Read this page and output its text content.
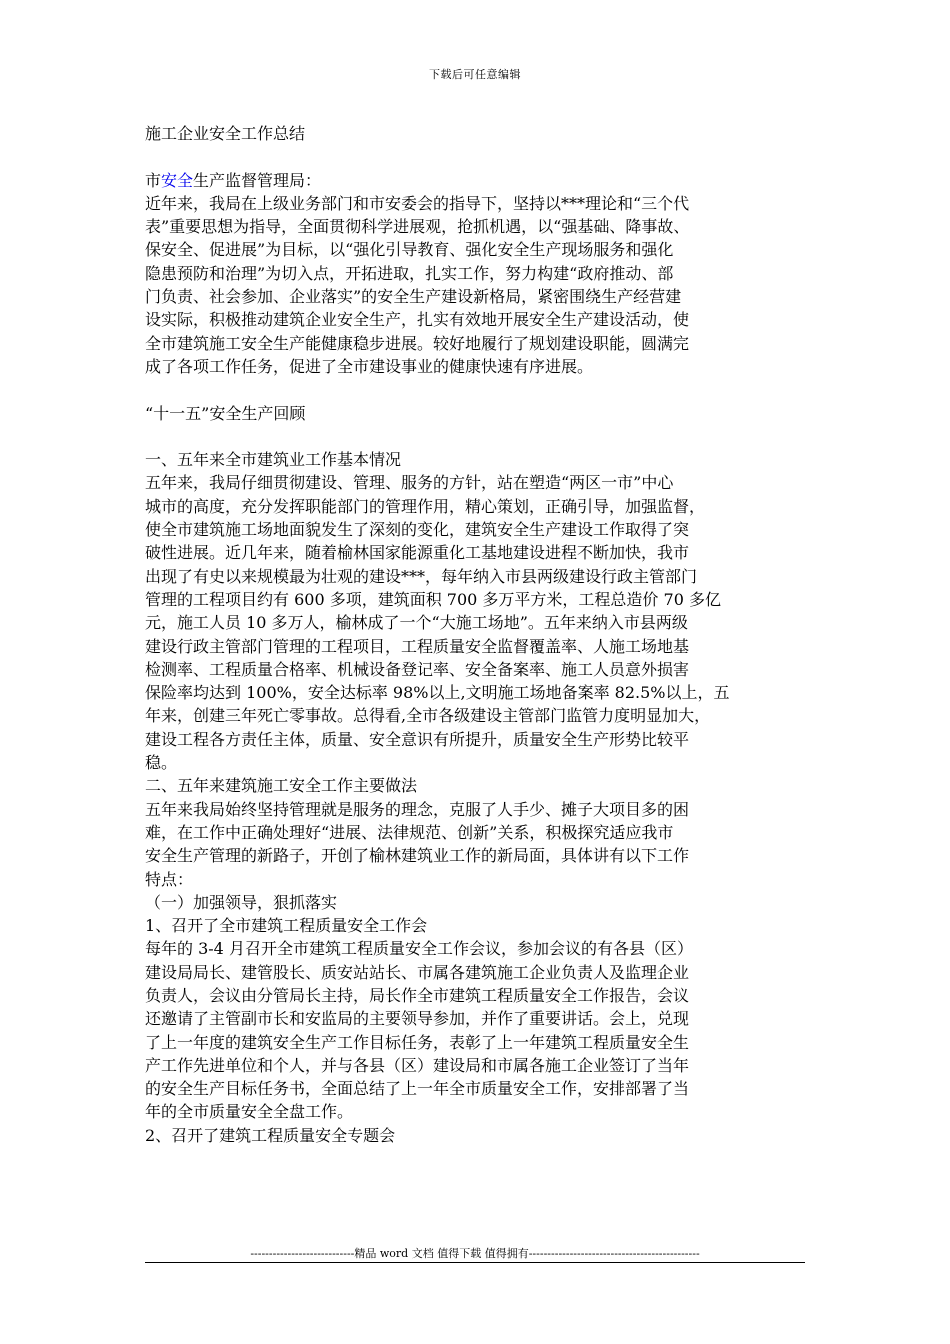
下载后可任意编辑
施工企业安全工作总结
市安全生产监督管理局：
近年来，我局在上级业务部门和市安委会的指导下，坚持以***理论和“三个代
表”重要思想为指导，全面贯彻科学进展观，抢抓机遇，以“强基础、降事故、
保安全、促进展”为目标，以“强化引导教育、强化安全生产现场服务和强化
隐患预防和治理”为切入点，开拓进取，扎实工作，努力构建“政府推动、部
门负责、社会参加、企业落实”的安全生产建设新格局，紧密围绕生产经营建
设实际，积极推动建筑企业安全生产，扎实有效地开展安全生产建设活动，使
全市建筑施工安全生产能健康稳步进展。较好地履行了规划建设职能，圆满完
成了各项工作任务，促进了全市建设事业的健康快速有序进展。
“十一五”安全生产回顾
一、五年来全市建筑业工作基本情况
五年来，我局仔细贯彻建设、管理、服务的方针，站在塑造“两区一市”中心
城市的高度，充分发挥职能部门的管理作用，精心策划，正确引导，加强监督，
使全市建筑施工场地面貌发生了深刻的变化，建筑安全生产建设工作取得了突
破性进展。近几年来，随着榆林国家能源重化工基地建设进程不断加快，我市
出现了有史以来规模最为壮观的建设***，每年纳入市县两级建设行政主管部门
管理的工程项目约有 600 多项，建筑面积 700 多万平方米，工程总造价 70 多亿
元，施工人员 10 多万人，榆林成了一个“大施工场地”。五年来纳入市县两级
建设行政主管部门管理的工程项目，工程质量安全监督覆盖率、人施工场地基
检测率、工程质量合格率、机械设备登记率、安全备案率、施工人员意外损害
保险率均达到 100%，安全达标率 98%以上,文明施工场地备案率 82.5%以上，五
年来，创建三年死亡零事故。总得看,全市各级建设主管部门监管力度明显加大，
建设工程各方责任主体，质量、安全意识有所提升，质量安全生产形势比较平
稳。
二、五年来建筑施工安全工作主要做法
五年来我局始终坚持管理就是服务的理念，克服了人手少、摊子大项目多的困
难，在工作中正确处理好“进展、法律规范、创新”关系，积极探究适应我市
安全生产管理的新路子，开创了榆林建筑业工作的新局面，具体讲有以下工作
特点：
（一）加强领导，狠抓落实
1、召开了全市建筑工程质量安全工作会
每年的 3-4 月召开全市建筑工程质量安全工作会议，参加会议的有各县（区）
建设局局长、建管股长、质安站站长、市属各建筑施工企业负责人及监理企业
负责人，会议由分管局长主持，局长作全市建筑工程质量安全工作报告，会议
还邀请了主管副市长和安监局的主要领导参加，并作了重要讲话。会上，兑现
了上一年度的建筑安全生产工作目标任务，表彰了上一年建筑工程质量安全生
产工作先进单位和个人，并与各县（区）建设局和市属各施工企业签订了当年
的安全生产目标任务书，全面总结了上一年全市质量安全工作，安排部署了当
年的全市质量安全全盘工作。
2、召开了建筑工程质量安全专题会
----------------------------精品 word 文档 值得下载 值得拥有----------------------------------------------
